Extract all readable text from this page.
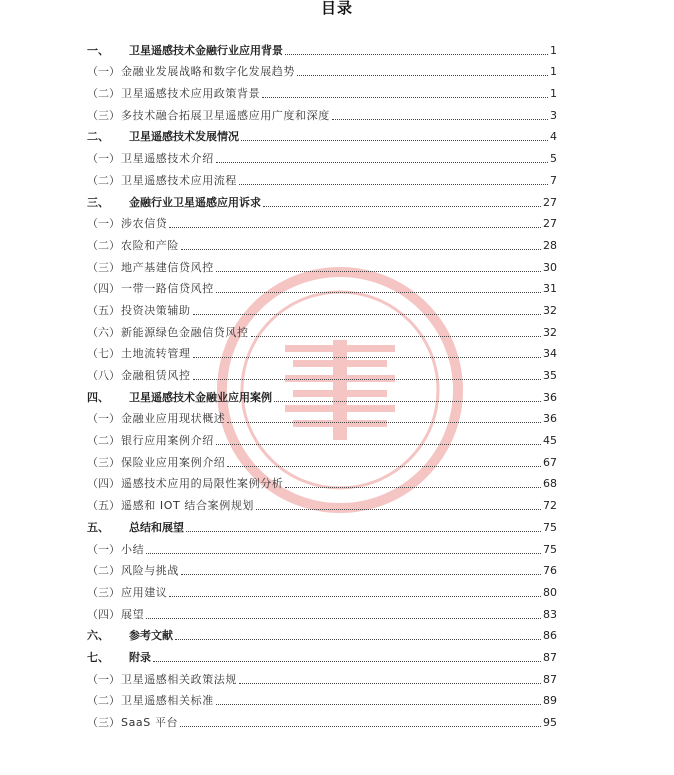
目录
一、	卫星遥感技术金融行业应用背景	1
（一） 金融业发展战略和数字化发展趋势	1
（二） 卫星遥感技术应用政策背景	1
（三） 多技术融合拓展卫星遥感应用广度和深度	3
二、	卫星遥感技术发展情况	4
（一） 卫星遥感技术介绍	5
（二） 卫星遥感技术应用流程	7
三、	金融行业卫星遥感应用诉求	27
（一） 涉农信贷	27
（二） 农险和产险	28
（三） 地产基建信贷风控	30
（四） 一带一路信贷风控	31
（五） 投资决策辅助	32
（六） 新能源绿色金融信贷风控	32
（七） 土地流转管理	34
（八） 金融租赁风控	35
四、	卫星遥感技术金融业应用案例	36
（一） 金融业应用现状概述	36
（二） 银行应用案例介绍	45
（三） 保险业应用案例介绍	67
（四） 遥感技术应用的局限性案例分析	68
（五） 遥感和 IOT 结合案例规划	72
五、	总结和展望	75
（一） 小结	75
（二） 风险与挑战	76
（三） 应用建议	80
（四） 展望	83
六、	参考文献	86
七、	附录	87
（一） 卫星遥感相关政策法规	87
（二） 卫星遥感相关标准	89
（三） SaaS 平台	95
